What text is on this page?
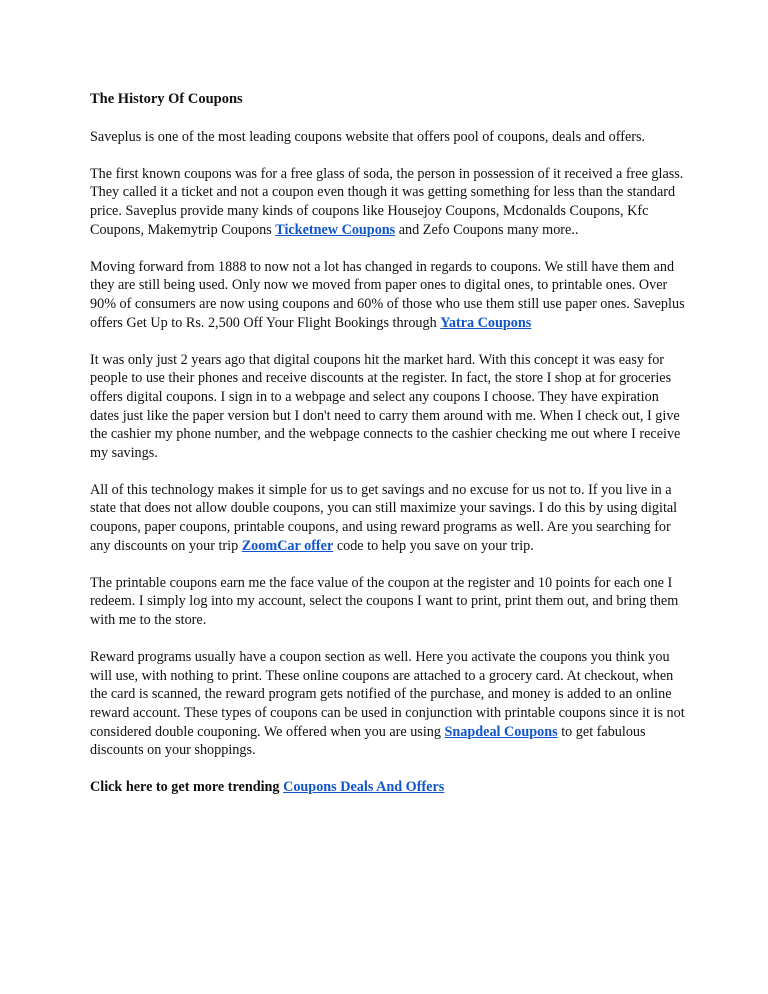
The History Of Coupons

Saveplus is one of the most leading coupons website that offers pool of coupons, deals and offers.

The first known coupons was for a free glass of soda, the person in possession of it received a free glass. They called it a ticket and not a coupon even though it was getting something for less than the standard price. Saveplus provide many kinds of coupons like Housejoy Coupons, Mcdonalds Coupons, Kfc Coupons, Makemytrip Coupons Ticketnew Coupons and Zefo Coupons many more..

Moving forward from 1888 to now not a lot has changed in regards to coupons. We still have them and they are still being used. Only now we moved from paper ones to digital ones, to printable ones. Over 90% of consumers are now using coupons and 60% of those who use them still use paper ones. Saveplus offers Get Up to Rs. 2,500 Off Your Flight Bookings through Yatra Coupons

It was only just 2 years ago that digital coupons hit the market hard. With this concept it was easy for people to use their phones and receive discounts at the register. In fact, the store I shop at for groceries offers digital coupons. I sign in to a webpage and select any coupons I choose. They have expiration dates just like the paper version but I don't need to carry them around with me. When I check out, I give the cashier my phone number, and the webpage connects to the cashier checking me out where I receive my savings.

All of this technology makes it simple for us to get savings and no excuse for us not to. If you live in a state that does not allow double coupons, you can still maximize your savings. I do this by using digital coupons, paper coupons, printable coupons, and using reward programs as well. Are you searching for any discounts on your trip ZoomCar offer code to help you save on your trip.

The printable coupons earn me the face value of the coupon at the register and 10 points for each one I redeem. I simply log into my account, select the coupons I want to print, print them out, and bring them with me to the store.

Reward programs usually have a coupon section as well. Here you activate the coupons you think you will use, with nothing to print. These online coupons are attached to a grocery card. At checkout, when the card is scanned, the reward program gets notified of the purchase, and money is added to an online reward account. These types of coupons can be used in conjunction with printable coupons since it is not considered double couponing. We offered when you are using Snapdeal Coupons to get fabulous discounts on your shoppings.

Click here to get more trending Coupons Deals And Offers
